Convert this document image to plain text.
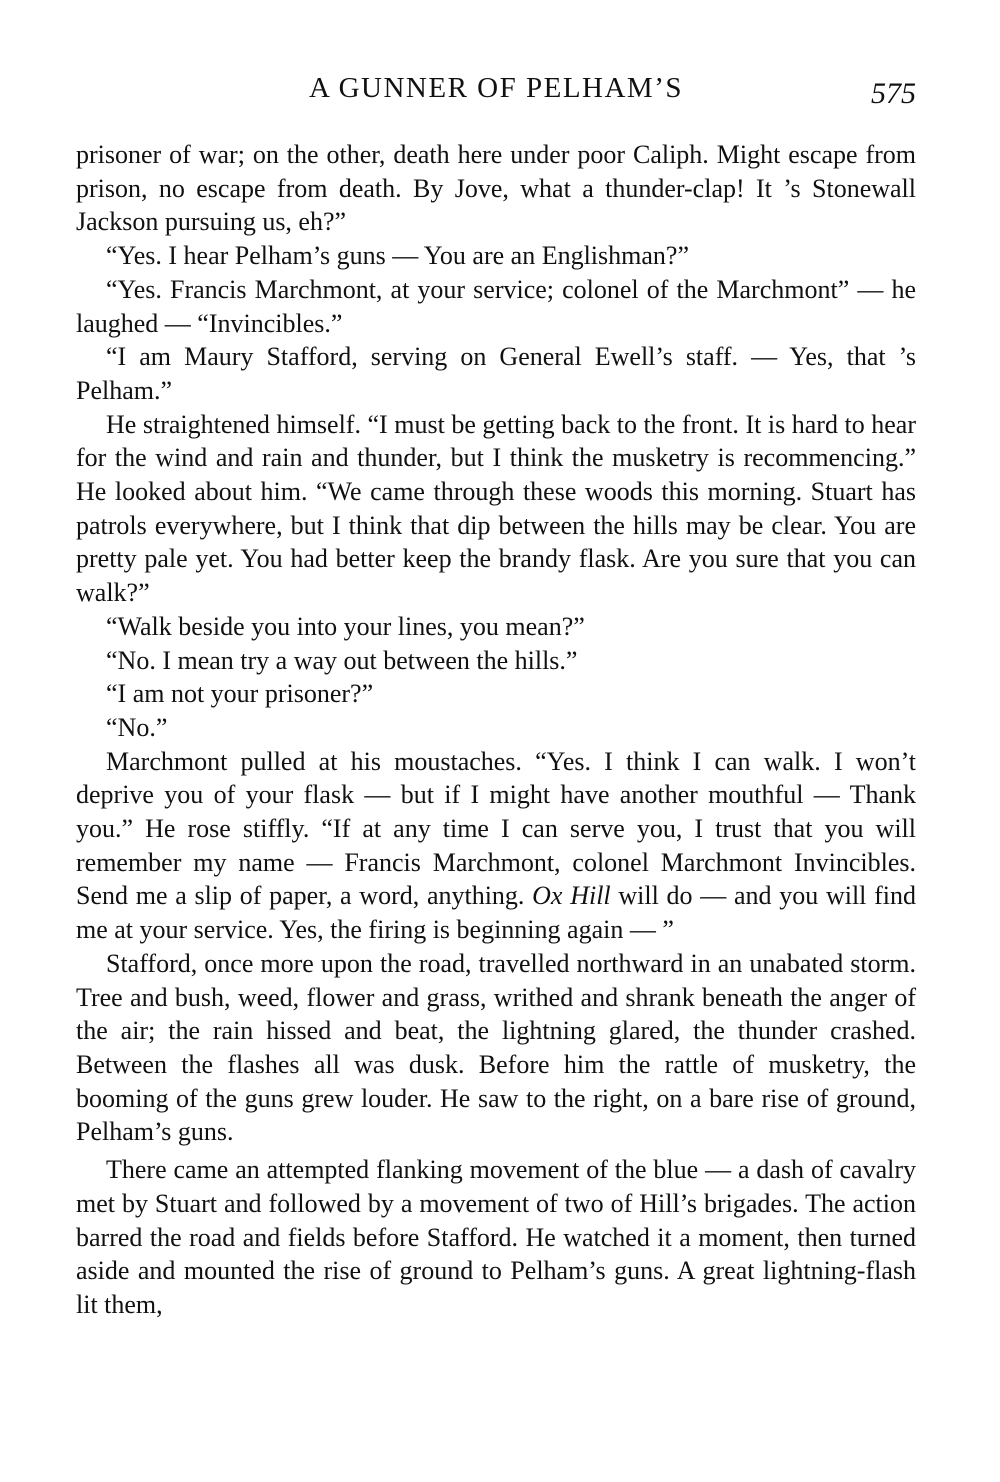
A GUNNER OF PELHAM’S	575

prisoner of war; on the other, death here under poor Caliph. Might escape from prison, no escape from death. By Jove, what a thunder-clap! It ’s Stonewall Jackson pursuing us, eh?”

“Yes. I hear Pelham’s guns — You are an Englishman?”

“Yes. Francis Marchmont, at your service; colonel of the Marchmont” — he laughed — “Invincibles.”

“I am Maury Stafford, serving on General Ewell’s staff. — Yes, that ’s Pelham.”

He straightened himself. “I must be getting back to the front. It is hard to hear for the wind and rain and thunder, but I think the musketry is recommencing.” He looked about him. “We came through these woods this morning. Stuart has patrols everywhere, but I think that dip between the hills may be clear. You are pretty pale yet. You had better keep the brandy flask. Are you sure that you can walk?”

“Walk beside you into your lines, you mean?”

“No. I mean try a way out between the hills.”

“I am not your prisoner?”

“No.”

Marchmont pulled at his moustaches. “Yes. I think I can walk. I won’t deprive you of your flask — but if I might have another mouthful — Thank you.” He rose stiffly. “If at any time I can serve you, I trust that you will remember my name — Francis Marchmont, colonel Marchmont Invincibles. Send me a slip of paper, a word, anything. Ox Hill will do — and you will find me at your service. Yes, the firing is beginning again — ”

Stafford, once more upon the road, travelled northward in an unabated storm. Tree and bush, weed, flower and grass, writhed and shrank beneath the anger of the air; the rain hissed and beat, the lightning glared, the thunder crashed. Between the flashes all was dusk. Before him the rattle of musketry, the booming of the guns grew louder. He saw to the right, on a bare rise of ground, Pelham’s guns.

There came an attempted flanking movement of the blue — a dash of cavalry met by Stuart and followed by a movement of two of Hill’s brigades. The action barred the road and fields before Stafford. He watched it a moment, then turned aside and mounted the rise of ground to Pelham’s guns. A great lightning-flash lit them,
